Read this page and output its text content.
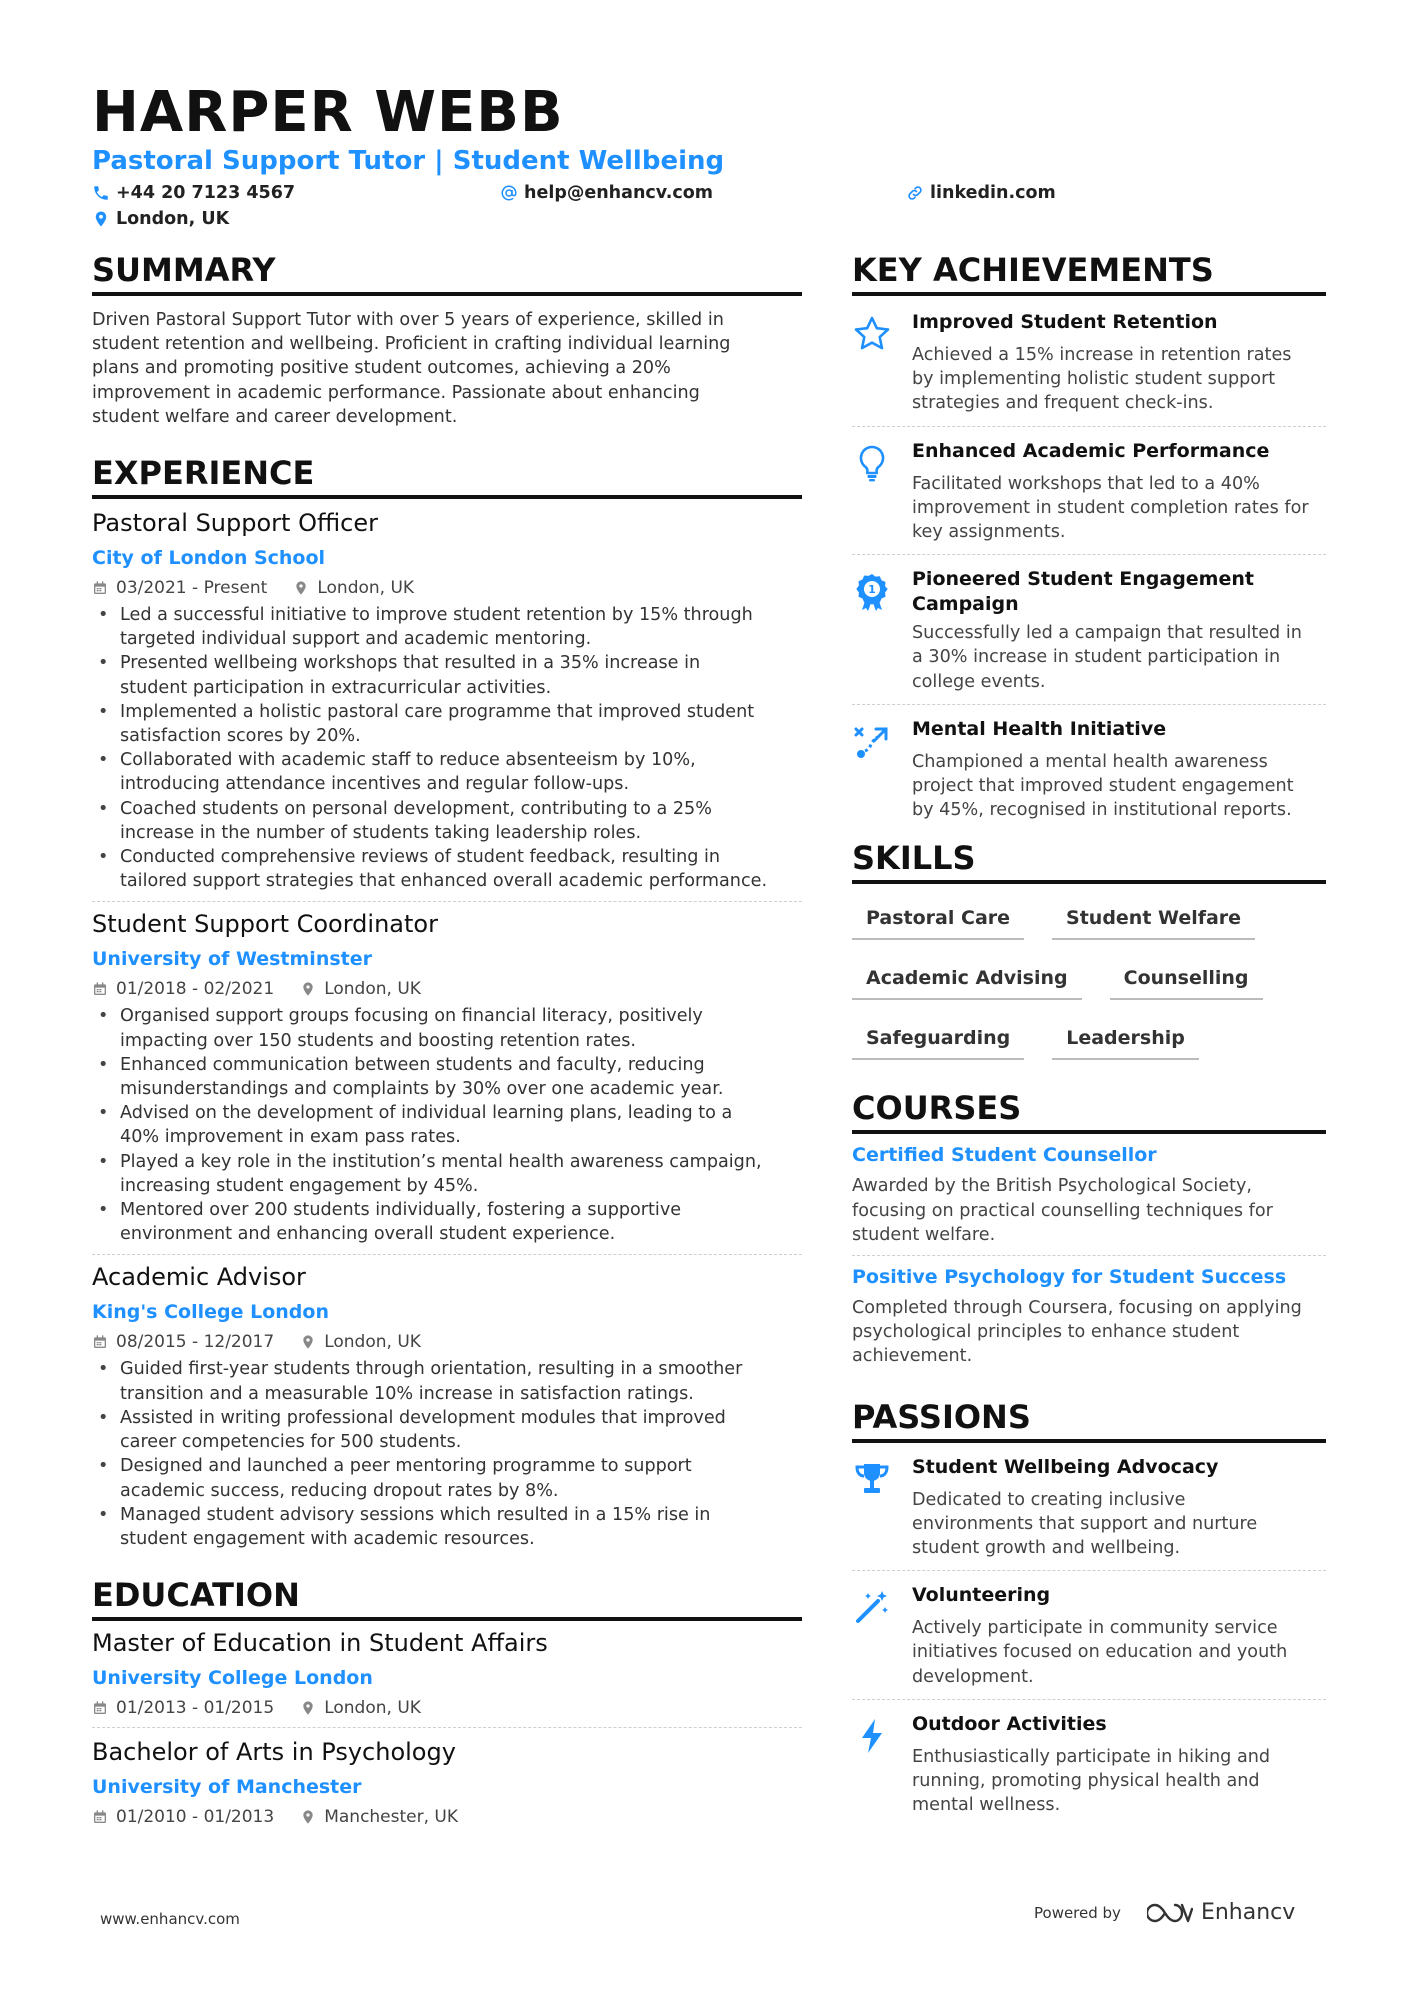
HARPER WEBB
Pastoral Support Tutor | Student Wellbeing
+44 20 7123 4567	help@enhancv.com	linkedin.com
London, UK
SUMMARY
Driven Pastoral Support Tutor with over 5 years of experience, skilled in
student retention and wellbeing. Proficient in crafting individual learning
plans and promoting positive student outcomes, achieving a 20%
improvement in academic performance. Passionate about enhancing
student welfare and career development.
EXPERIENCE
Pastoral Support Officer
City of London School
03/2021 - Present	London, UK
• Led a successful initiative to improve student retention by 15% through
targeted individual support and academic mentoring.
• Presented wellbeing workshops that resulted in a 35% increase in
student participation in extracurricular activities.
• Implemented a holistic pastoral care programme that improved student
satisfaction scores by 20%.
• Collaborated with academic staff to reduce absenteeism by 10%,
introducing attendance incentives and regular follow-ups.
• Coached students on personal development, contributing to a 25%
increase in the number of students taking leadership roles.
• Conducted comprehensive reviews of student feedback, resulting in
tailored support strategies that enhanced overall academic performance.
Student Support Coordinator
University of Westminster
01/2018 - 02/2021	London, UK
• Organised support groups focusing on financial literacy, positively
impacting over 150 students and boosting retention rates.
• Enhanced communication between students and faculty, reducing
misunderstandings and complaints by 30% over one academic year.
• Advised on the development of individual learning plans, leading to a
40% improvement in exam pass rates.
• Played a key role in the institution’s mental health awareness campaign,
increasing student engagement by 45%.
• Mentored over 200 students individually, fostering a supportive
environment and enhancing overall student experience.
Academic Advisor
King's College London
08/2015 - 12/2017	London, UK
• Guided first-year students through orientation, resulting in a smoother
transition and a measurable 10% increase in satisfaction ratings.
• Assisted in writing professional development modules that improved
career competencies for 500 students.
• Designed and launched a peer mentoring programme to support
academic success, reducing dropout rates by 8%.
• Managed student advisory sessions which resulted in a 15% rise in
student engagement with academic resources.
EDUCATION
Master of Education in Student Affairs
University College London
01/2013 - 01/2015	London, UK
Bachelor of Arts in Psychology
University of Manchester
01/2010 - 01/2013	Manchester, UK
KEY ACHIEVEMENTS
Improved Student Retention
Achieved a 15% increase in retention rates
by implementing holistic student support
strategies and frequent check-ins.
Enhanced Academic Performance
Facilitated workshops that led to a 40%
improvement in student completion rates for
key assignments.
1 Pioneered Student Engagement
Campaign
Successfully led a campaign that resulted in
a 30% increase in student participation in
college events.
Mental Health Initiative
Championed a mental health awareness
project that improved student engagement
by 45%, recognised in institutional reports.
SKILLS
Pastoral Care	Student Welfare
Academic Advising	Counselling
Safeguarding	Leadership
COURSES
Certified Student Counsellor
Awarded by the British Psychological Society,
focusing on practical counselling techniques for
student welfare.
Positive Psychology for Student Success
Completed through Coursera, focusing on applying
psychological principles to enhance student
achievement.
PASSIONS
Student Wellbeing Advocacy
Dedicated to creating inclusive
environments that support and nurture
student growth and wellbeing.
Volunteering
Actively participate in community service
initiatives focused on education and youth
development.
Outdoor Activities
Enthusiastically participate in hiking and
running, promoting physical health and
mental wellness.
www.enhancv.com	Powered by	Enhancv
